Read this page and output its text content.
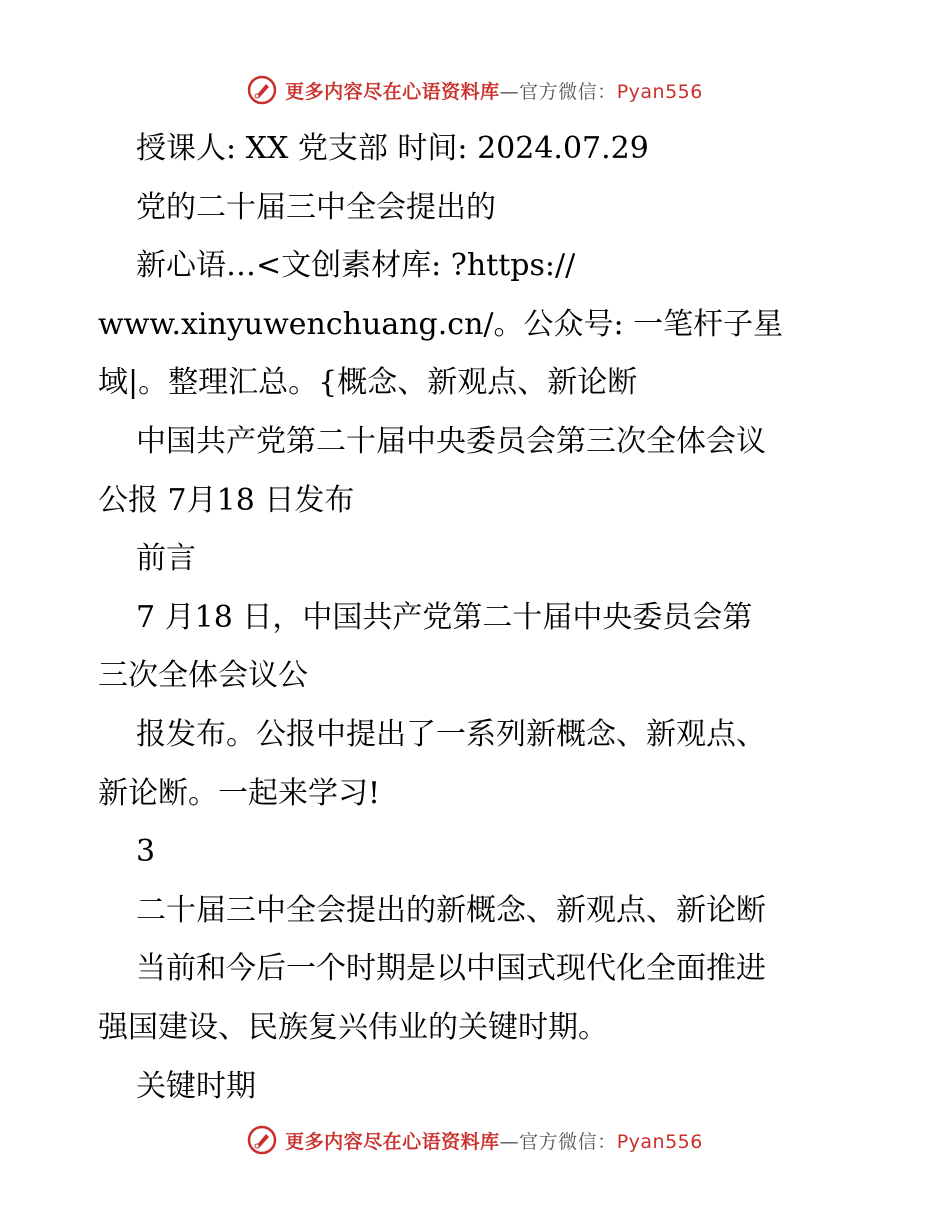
更多内容尽在心语资料库—官方微信：Pyan556
授课人: XX 党支部 时间: 2024.07.29
党的二十届三中全会提出的
新心语…<文创素材库: ?https://
www.xinyuwenchuang.cn/。公众号: 一笔杆子星
域|。整理汇总。{概念、新观点、新论断
中国共产党第二十届中央委员会第三次全体会议
公报 7月18 日发布
前言
7 月18 日，中国共产党第二十届中央委员会第
三次全体会议公
报发布。公报中提出了一系列新概念、新观点、
新论断。一起来学习!
3
二十届三中全会提出的新概念、新观点、新论断
当前和今后一个时期是以中国式现代化全面推进
强国建设、民族复兴伟业的关键时期。
关键时期
更多内容尽在心语资料库—官方微信：Pyan556
